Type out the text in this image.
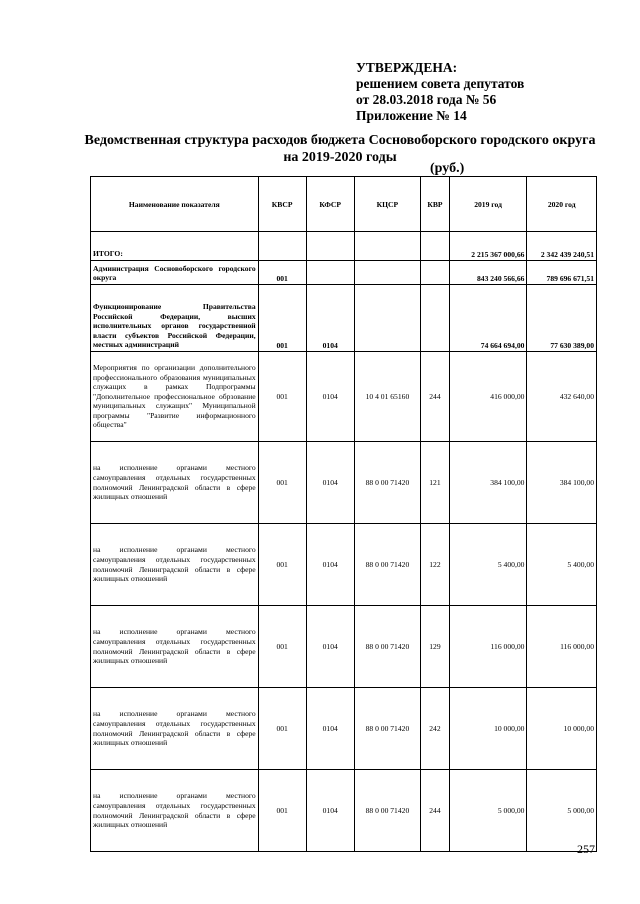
УТВЕРЖДЕНА:
решением совета депутатов
от 28.03.2018 года № 56
Приложение № 14
Ведомственная структура расходов бюджета Сосновоборского городского округа
на 2019-2020 годы
(руб.)
Наименование показателя	КВСР	КФСР	КЦСР	КВР	2019 год	2020 год
ИТОГО:					2 215 367 000,66	2 342 439 240,51
Администрация Сосновоборского городского округа	001				843 240 566,66	789 696 671,51
Функционирование Правительства Российской Федерации, высших исполнительных органов государственной власти субъектов Российской Федерации, местных администраций	001	0104			74 664 694,00	77 630 389,00
Мероприятия по организации дополнительного профессионального образования муниципальных служащих в рамках Подпрограммы "Дополнительное профессиональное обрзование муниципальных служащих" Муниципальной программы "Развитие информационного общества"	001	0104	10 4 01 65160	244	416 000,00	432 640,00
на исполнение органами местного самоуправления отдельных государственных полномочий Ленинградской области в сфере жилищных отношений	001	0104	88 0 00 71420	121	384 100,00	384 100,00
на исполнение органами местного самоуправления отдельных государственных полномочий Ленинградской области в сфере жилищных отношений	001	0104	88 0 00 71420	122	5 400,00	5 400,00
на исполнение органами местного самоуправления отдельных государственных полномочий Ленинградской области в сфере жилищных отношений	001	0104	88 0 00 71420	129	116 000,00	116 000,00
на исполнение органами местного самоуправления отдельных государственных полномочий Ленинградской области в сфере жилищных отношений	001	0104	88 0 00 71420	242	10 000,00	10 000,00
на исполнение органами местного самоуправления отдельных государственных полномочий Ленинградской области в сфере жилищных отношений	001	0104	88 0 00 71420	244	5 000,00	5 000,00
257
